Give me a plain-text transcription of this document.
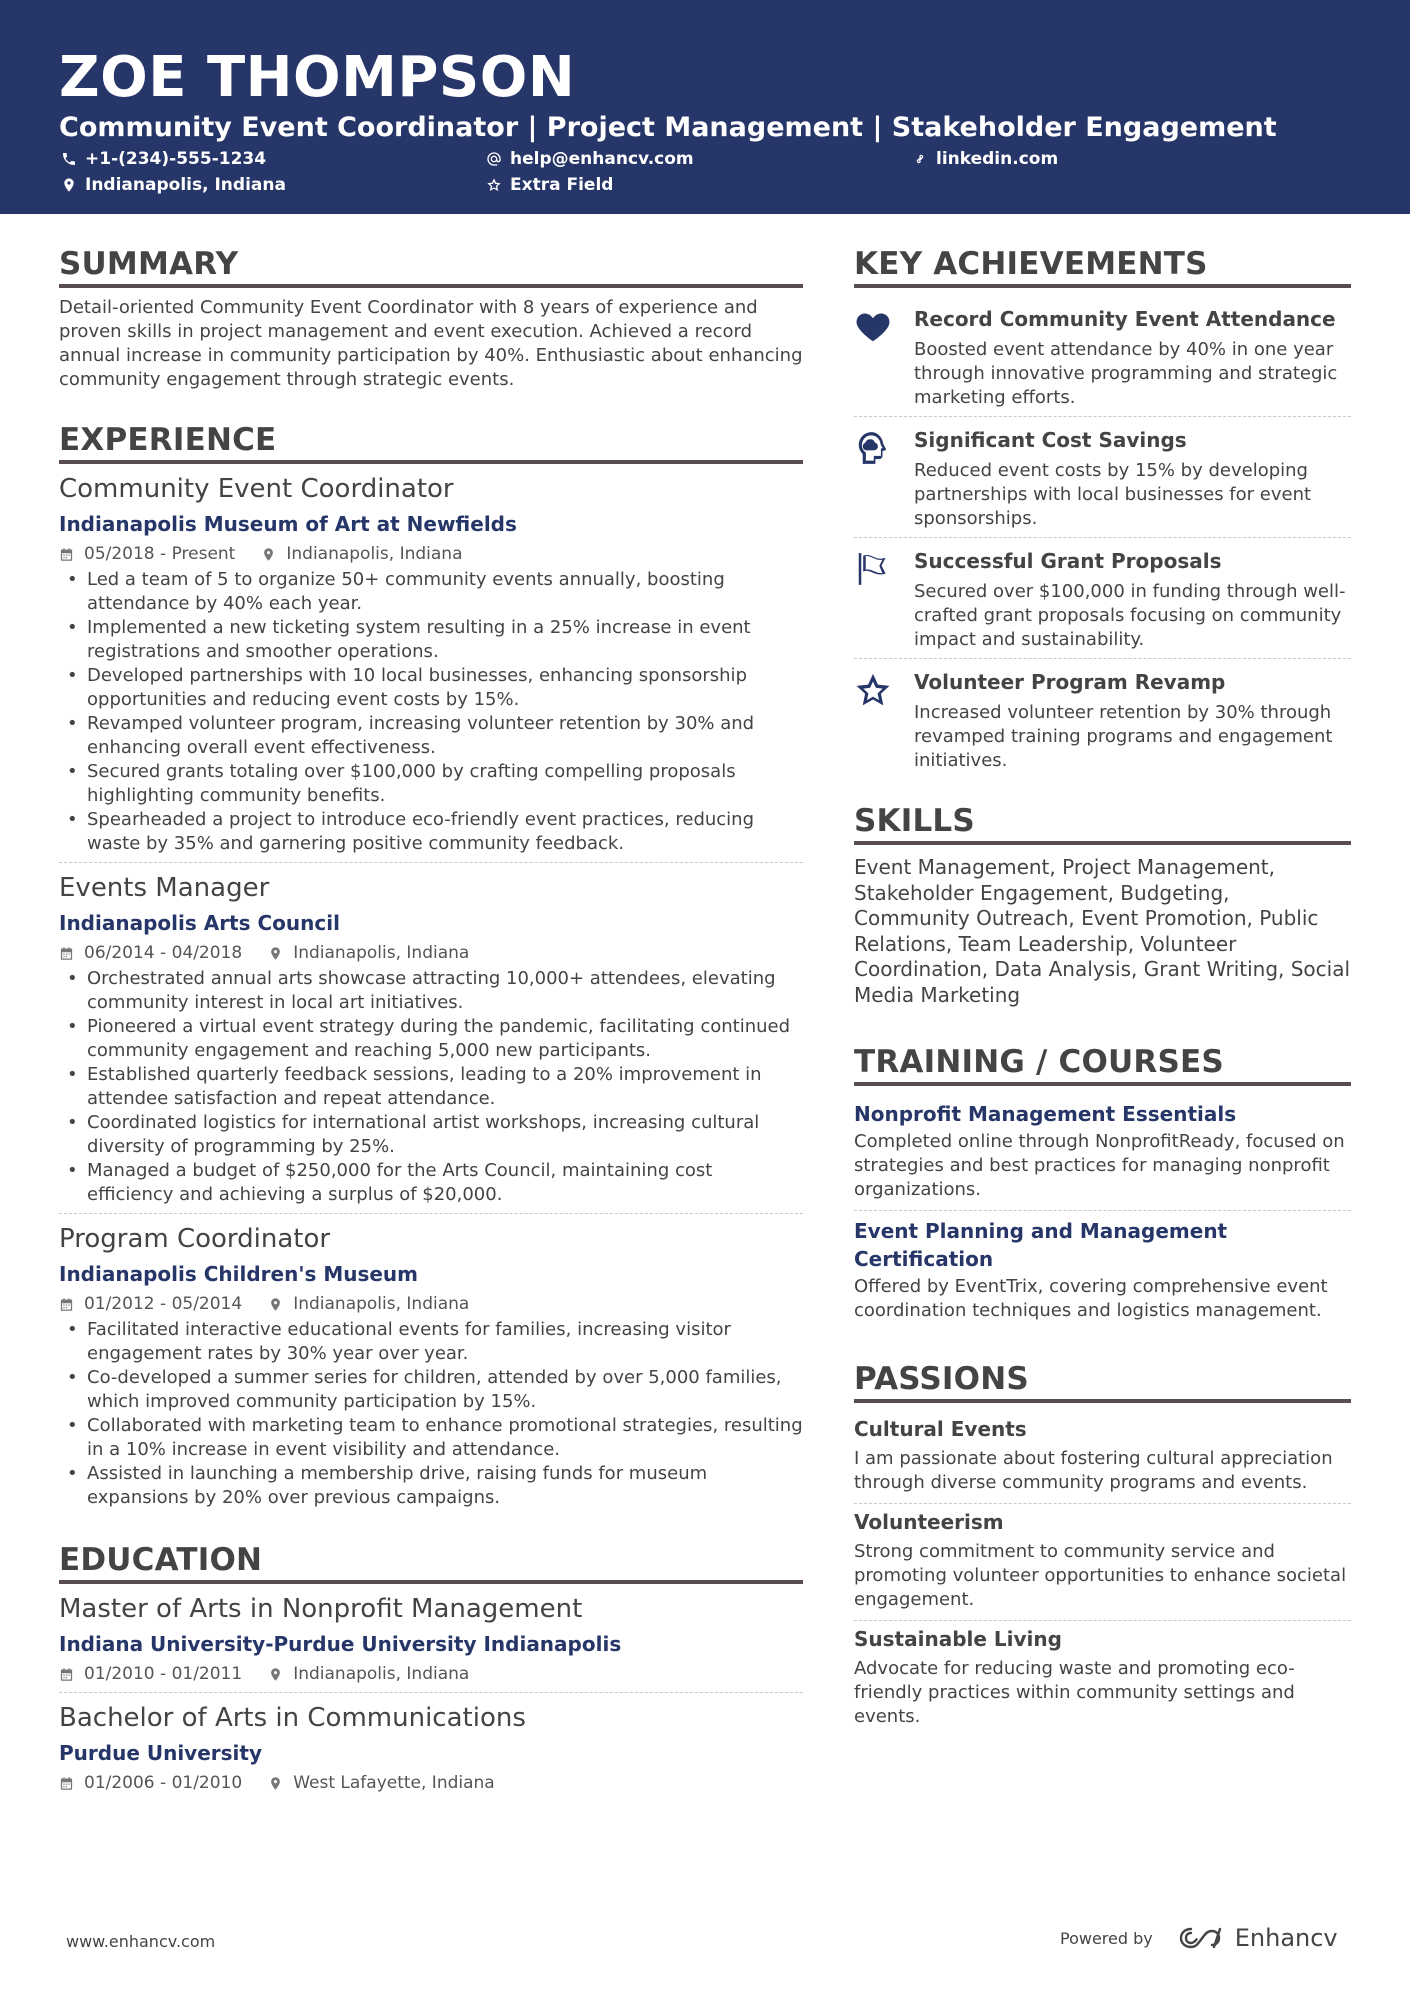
ZOE THOMPSON
Community Event Coordinator | Project Management | Stakeholder Engagement
+1-(234)-555-1234	help@enhancv.com	linkedin.com
Indianapolis, Indiana	Extra Field
SUMMARY
Detail-oriented Community Event Coordinator with 8 years of experience and proven skills in project management and event execution. Achieved a record annual increase in community participation by 40%. Enthusiastic about enhancing community engagement through strategic events.
EXPERIENCE
Community Event Coordinator
Indianapolis Museum of Art at Newfields
05/2018 - Present	Indianapolis, Indiana
• Led a team of 5 to organize 50+ community events annually, boosting attendance by 40% each year.
• Implemented a new ticketing system resulting in a 25% increase in event registrations and smoother operations.
• Developed partnerships with 10 local businesses, enhancing sponsorship opportunities and reducing event costs by 15%.
• Revamped volunteer program, increasing volunteer retention by 30% and enhancing overall event effectiveness.
• Secured grants totaling over $100,000 by crafting compelling proposals highlighting community benefits.
• Spearheaded a project to introduce eco-friendly event practices, reducing waste by 35% and garnering positive community feedback.
Events Manager
Indianapolis Arts Council
06/2014 - 04/2018	Indianapolis, Indiana
• Orchestrated annual arts showcase attracting 10,000+ attendees, elevating community interest in local art initiatives.
• Pioneered a virtual event strategy during the pandemic, facilitating continued community engagement and reaching 5,000 new participants.
• Established quarterly feedback sessions, leading to a 20% improvement in attendee satisfaction and repeat attendance.
• Coordinated logistics for international artist workshops, increasing cultural diversity of programming by 25%.
• Managed a budget of $250,000 for the Arts Council, maintaining cost efficiency and achieving a surplus of $20,000.
Program Coordinator
Indianapolis Children's Museum
01/2012 - 05/2014	Indianapolis, Indiana
• Facilitated interactive educational events for families, increasing visitor engagement rates by 30% year over year.
• Co-developed a summer series for children, attended by over 5,000 families, which improved community participation by 15%.
• Collaborated with marketing team to enhance promotional strategies, resulting in a 10% increase in event visibility and attendance.
• Assisted in launching a membership drive, raising funds for museum expansions by 20% over previous campaigns.
EDUCATION
Master of Arts in Nonprofit Management
Indiana University-Purdue University Indianapolis
01/2010 - 01/2011	Indianapolis, Indiana
Bachelor of Arts in Communications
Purdue University
01/2006 - 01/2010	West Lafayette, Indiana
KEY ACHIEVEMENTS
Record Community Event Attendance
Boosted event attendance by 40% in one year through innovative programming and strategic marketing efforts.
Significant Cost Savings
Reduced event costs by 15% by developing partnerships with local businesses for event sponsorships.
Successful Grant Proposals
Secured over $100,000 in funding through well-crafted grant proposals focusing on community impact and sustainability.
Volunteer Program Revamp
Increased volunteer retention by 30% through revamped training programs and engagement initiatives.
SKILLS
Event Management, Project Management, Stakeholder Engagement, Budgeting, Community Outreach, Event Promotion, Public Relations, Team Leadership, Volunteer Coordination, Data Analysis, Grant Writing, Social Media Marketing
TRAINING / COURSES
Nonprofit Management Essentials
Completed online through NonprofitReady, focused on strategies and best practices for managing nonprofit organizations.
Event Planning and Management Certification
Offered by EventTrix, covering comprehensive event coordination techniques and logistics management.
PASSIONS
Cultural Events
I am passionate about fostering cultural appreciation through diverse community programs and events.
Volunteerism
Strong commitment to community service and promoting volunteer opportunities to enhance societal engagement.
Sustainable Living
Advocate for reducing waste and promoting eco-friendly practices within community settings and events.
www.enhancv.com	Powered by	Enhancv
